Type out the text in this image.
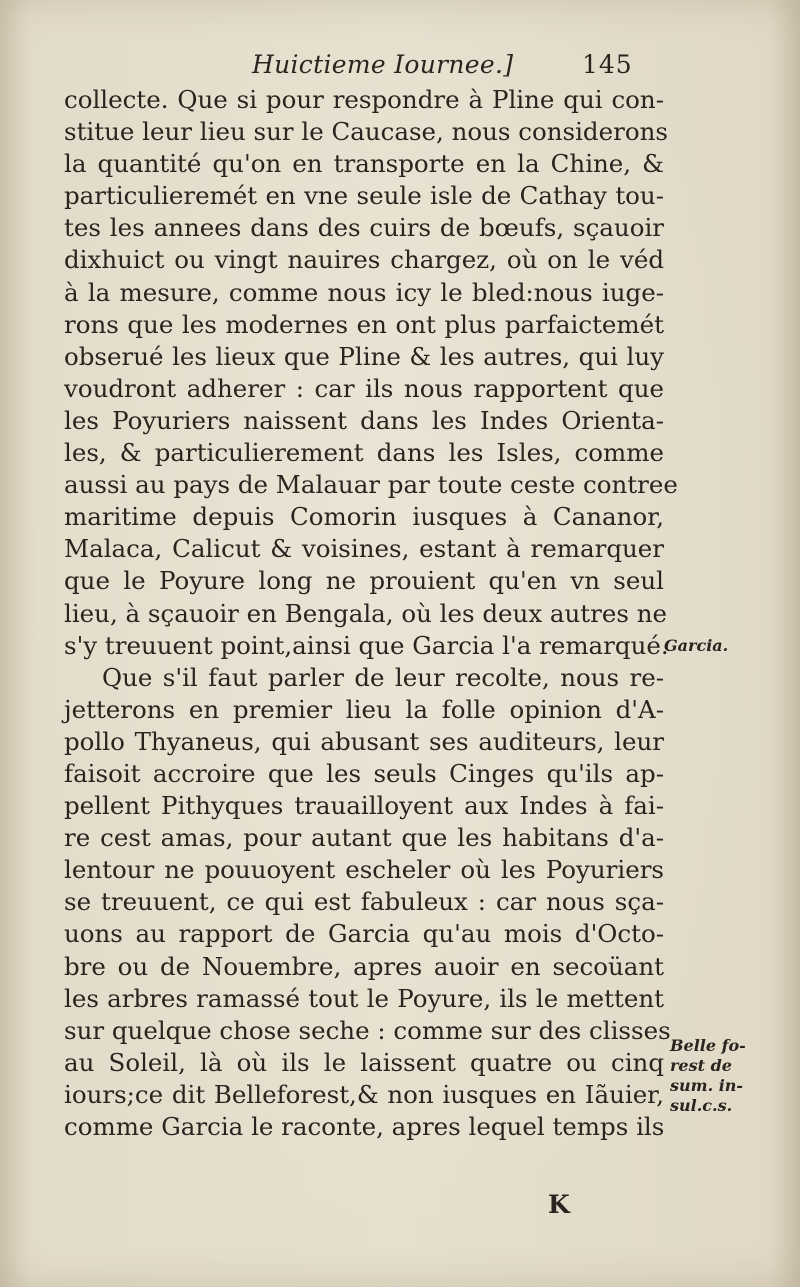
Huictieme Iournee.]	145
collecte. Que si pour respondre à Pline qui con-
stitue leur lieu sur le Caucase, nous considerons
la quantité qu'on en transporte en la Chine, &
particulieremét en vne seule isle de Cathay tou-
tes les annees dans des cuirs de bœufs, sçauoir
dixhuict ou vingt nauires chargez, où on le véd
à la mesure, comme nous icy le bled:nous iuge-
rons que les modernes en ont plus parfaictemét
obserué les lieux que Pline & les autres, qui luy
voudront adherer : car ils nous rapportent que
les Poyuriers naissent dans les Indes Orienta-
les, & particulierement dans les Isles, comme
aussi au pays de Malauar par toute ceste contree
maritime depuis Comorin iusques à Cananor,
Malaca, Calicut & voisines, estant à remarquer
que le Poyure long ne prouient qu'en vn seul
lieu, à sçauoir en Bengala, où les deux autres ne
s'y treuuent point,ainsi que Garcia l'a remarqué.
Que s'il faut parler de leur recolte, nous re-
jetterons en premier lieu la folle opinion d'A-
pollo Thyaneus, qui abusant ses auditeurs, leur
faisoit accroire que les seuls Cinges qu'ils ap-
pellent Pithyques trauailloyent aux Indes à fai-
re cest amas, pour autant que les habitans d'a-
lentour ne pouuoyent escheler où les Poyuriers
se treuuent, ce qui est fabuleux : car nous sça-
uons au rapport de Garcia qu'au mois d'Octo-
bre ou de Nouembre, apres auoir en secoüant
les arbres ramassé tout le Poyure, ils le mettent
sur quelque chose seche : comme sur des clisses
au Soleil, là où ils le laissent quatre ou cinq
iours;ce dit Belleforest,& non iusques en Iãuier,
comme Garcia le raconte, apres lequel temps ils
Garcia.
Belle fo-
rest de
sum. in-
sul.c.s.
K
